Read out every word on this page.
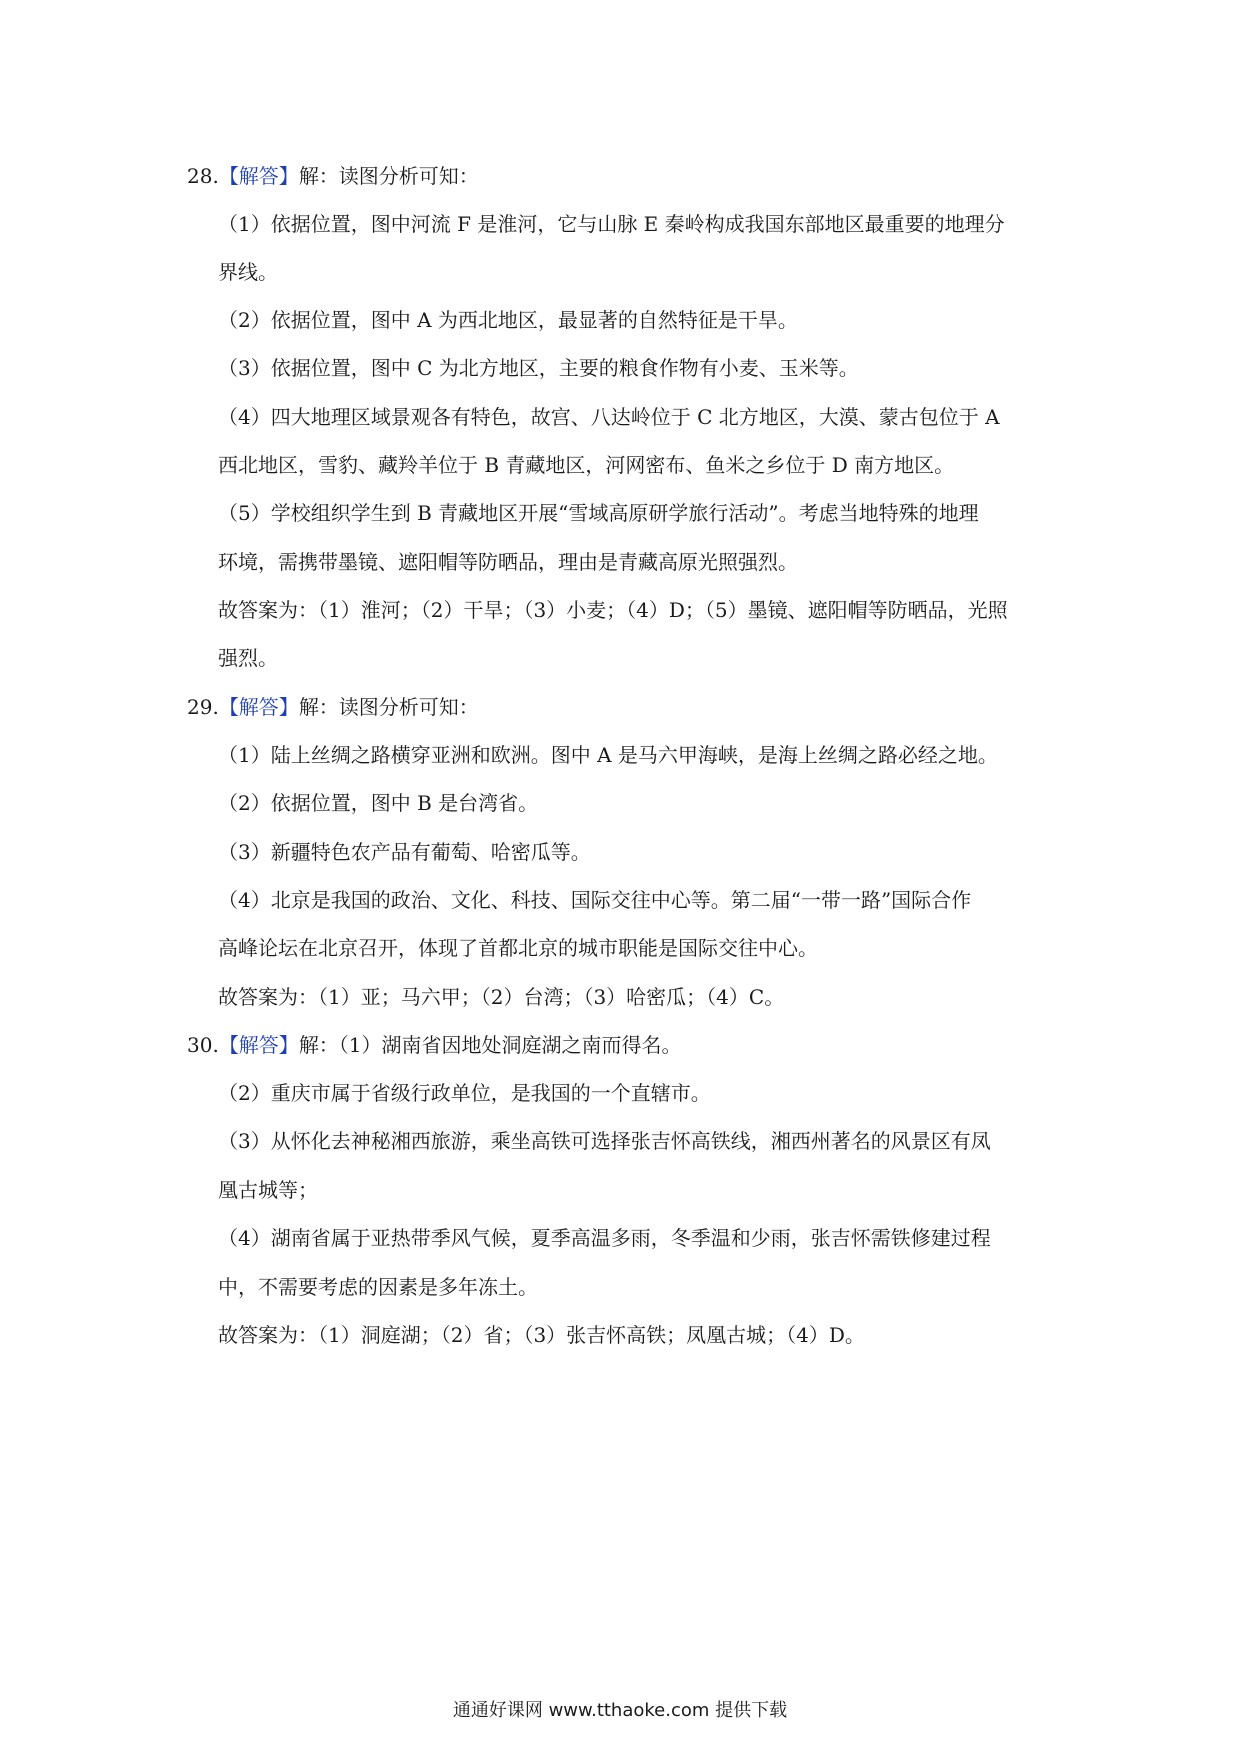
28.【解答】解：读图分析可知：
（1）依据位置，图中河流 F 是淮河，它与山脉 E 秦岭构成我国东部地区最重要的地理分
界线。
（2）依据位置，图中 A 为西北地区，最显著的自然特征是干旱。
（3）依据位置，图中 C 为北方地区，主要的粮食作物有小麦、玉米等。
（4）四大地理区域景观各有特色，故宫、八达岭位于 C 北方地区，大漠、蒙古包位于 A
西北地区，雪豹、藏羚羊位于 B 青藏地区，河网密布、鱼米之乡位于 D 南方地区。
（5）学校组织学生到 B 青藏地区开展“雪域高原研学旅行活动”。考虑当地特殊的地理
环境，需携带墨镜、遮阳帽等防晒品，理由是青藏高原光照强烈。
故答案为：（1）淮河；（2）干旱；（3）小麦；（4）D；（5）墨镜、遮阳帽等防晒品，光照
强烈。
29.【解答】解：读图分析可知：
（1）陆上丝绸之路横穿亚洲和欧洲。图中 A 是马六甲海峡，是海上丝绸之路必经之地。
（2）依据位置，图中 B 是台湾省。
（3）新疆特色农产品有葡萄、哈密瓜等。
（4）北京是我国的政治、文化、科技、国际交往中心等。第二届“一带一路”国际合作
高峰论坛在北京召开，体现了首都北京的城市职能是国际交往中心。
故答案为：（1）亚；马六甲；（2）台湾；（3）哈密瓜；（4）C。
30.【解答】解：（1）湖南省因地处洞庭湖之南而得名。
（2）重庆市属于省级行政单位，是我国的一个直辖市。
（3）从怀化去神秘湘西旅游，乘坐高铁可选择张吉怀高铁线，湘西州著名的风景区有凤
凰古城等；
（4）湖南省属于亚热带季风气候，夏季高温多雨，冬季温和少雨，张吉怀需铁修建过程
中，不需要考虑的因素是多年冻土。
故答案为：（1）洞庭湖；（2）省；（3）张吉怀高铁；凤凰古城；（4）D。
通通好课网 www.tthaoke.com 提供下载
